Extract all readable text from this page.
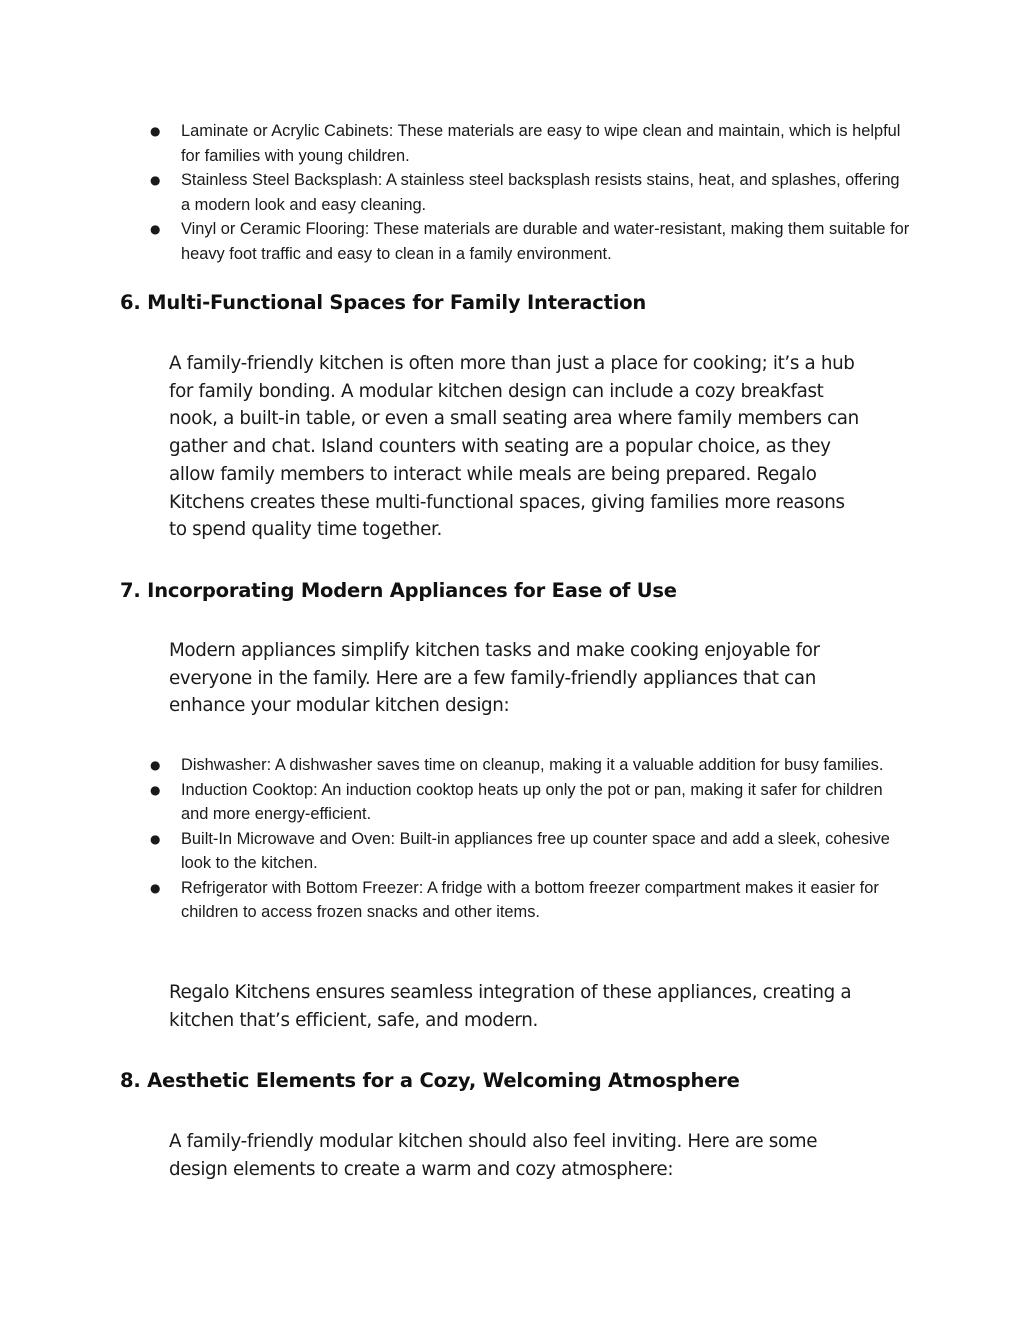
● Laminate or Acrylic Cabinets: These materials are easy to wipe clean and maintain, which is helpful for families with young children.
● Stainless Steel Backsplash: A stainless steel backsplash resists stains, heat, and splashes, offering a modern look and easy cleaning.
● Vinyl or Ceramic Flooring: These materials are durable and water-resistant, making them suitable for heavy foot traffic and easy to clean in a family environment.
6. Multi-Functional Spaces for Family Interaction

A family-friendly kitchen is often more than just a place for cooking; it’s a hub for family bonding. A modular kitchen design can include a cozy breakfast nook, a built-in table, or even a small seating area where family members can gather and chat. Island counters with seating are a popular choice, as they allow family members to interact while meals are being prepared. Regalo Kitchens creates these multi-functional spaces, giving families more reasons to spend quality time together.

7. Incorporating Modern Appliances for Ease of Use

Modern appliances simplify kitchen tasks and make cooking enjoyable for everyone in the family. Here are a few family-friendly appliances that can enhance your modular kitchen design:

● Dishwasher: A dishwasher saves time on cleanup, making it a valuable addition for busy families.
● Induction Cooktop: An induction cooktop heats up only the pot or pan, making it safer for children and more energy-efficient.
● Built-In Microwave and Oven: Built-in appliances free up counter space and add a sleek, cohesive look to the kitchen.
● Refrigerator with Bottom Freezer: A fridge with a bottom freezer compartment makes it easier for children to access frozen snacks and other items.

Regalo Kitchens ensures seamless integration of these appliances, creating a kitchen that’s efficient, safe, and modern.

8. Aesthetic Elements for a Cozy, Welcoming Atmosphere

A family-friendly modular kitchen should also feel inviting. Here are some design elements to create a warm and cozy atmosphere:
